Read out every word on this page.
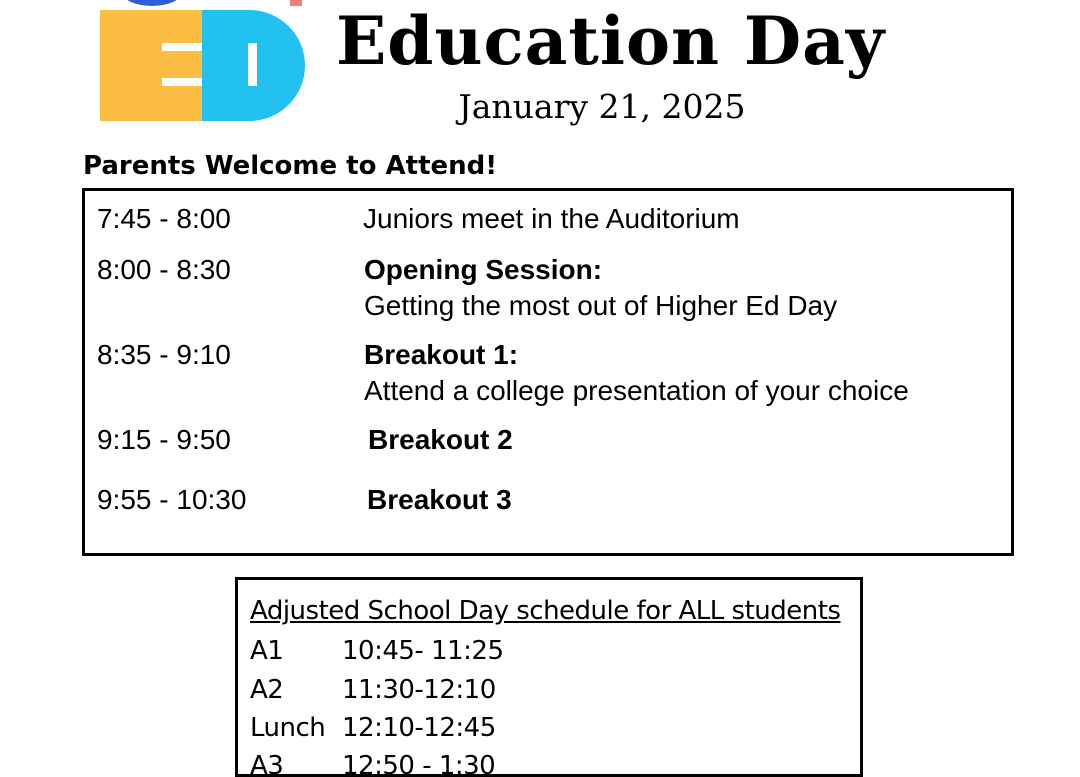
Education Day
January 21, 2025
Parents Welcome to Attend!
7:45 - 8:00	Juniors meet in the Auditorium
8:00 - 8:30	Opening Session:
Getting the most out of Higher Ed Day
8:35 - 9:10	Breakout 1:
Attend a college presentation of your choice
9:15 - 9:50	Breakout 2
9:55 - 10:30	Breakout 3
Adjusted School Day schedule for ALL students
A1 10:45- 11:25
A2 11:30-12:10
Lunch 12:10-12:45
A3 12:50 - 1:30
